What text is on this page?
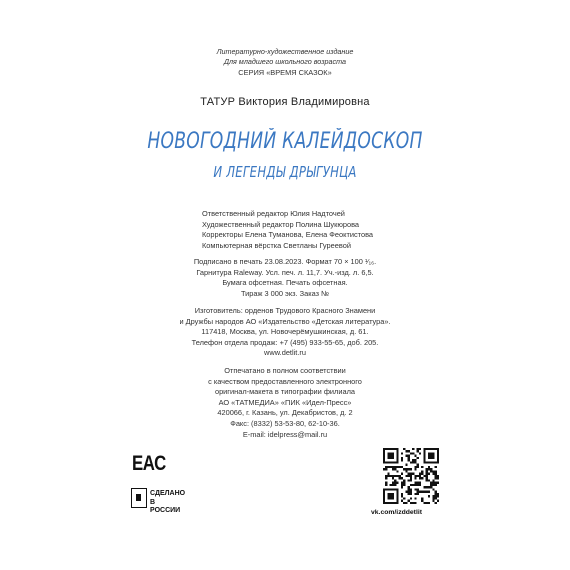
Литературно-художественное издание
Для младшего школьного возраста
СЕРИЯ «ВРЕМЯ СКАЗОК»
ТАТУР Виктория Владимировна
НОВОГОДНИЙ КАЛЕЙДОСКОП
И ЛЕГЕНДЫ ДРЫГУНЦА
Ответственный редактор Юлия Надточей
Художественный редактор Полина Шукюрова
Корректоры Елена Туманова, Елена Феоктистова
Компьютерная вёрстка Светланы Гуреевой
Подписано в печать 23.08.2023. Формат 70 × 100 ¹⁄₁₆.
Гарнитура Raleway. Усл. печ. л. 11,7. Уч.-изд. л. 6,5.
Бумага офсетная. Печать офсетная.
Тираж 3 000 экз. Заказ №
Изготовитель: орденов Трудового Красного Знамени
и Дружбы народов АО «Издательство «Детская литература».
117418, Москва, ул. Новочерёмушкинская, д. 61.
Телефон отдела продаж: +7 (495) 933-55-65, доб. 205.
www.detlit.ru
Отпечатано в полном соответствии
с качеством предоставленного электронного
оригинал-макета в типографии филиала
АО «ТАТМЕДИА» «ПИК «Идел-Пресс»
420066, г. Казань, ул. Декабристов, д. 2
Факс: (8332) 53-53-80, 62-10-36.
E-mail: idelpress@mail.ru
ЕАС
СДЕЛАНО
В РОССИИ	vk.com/izddetlit
